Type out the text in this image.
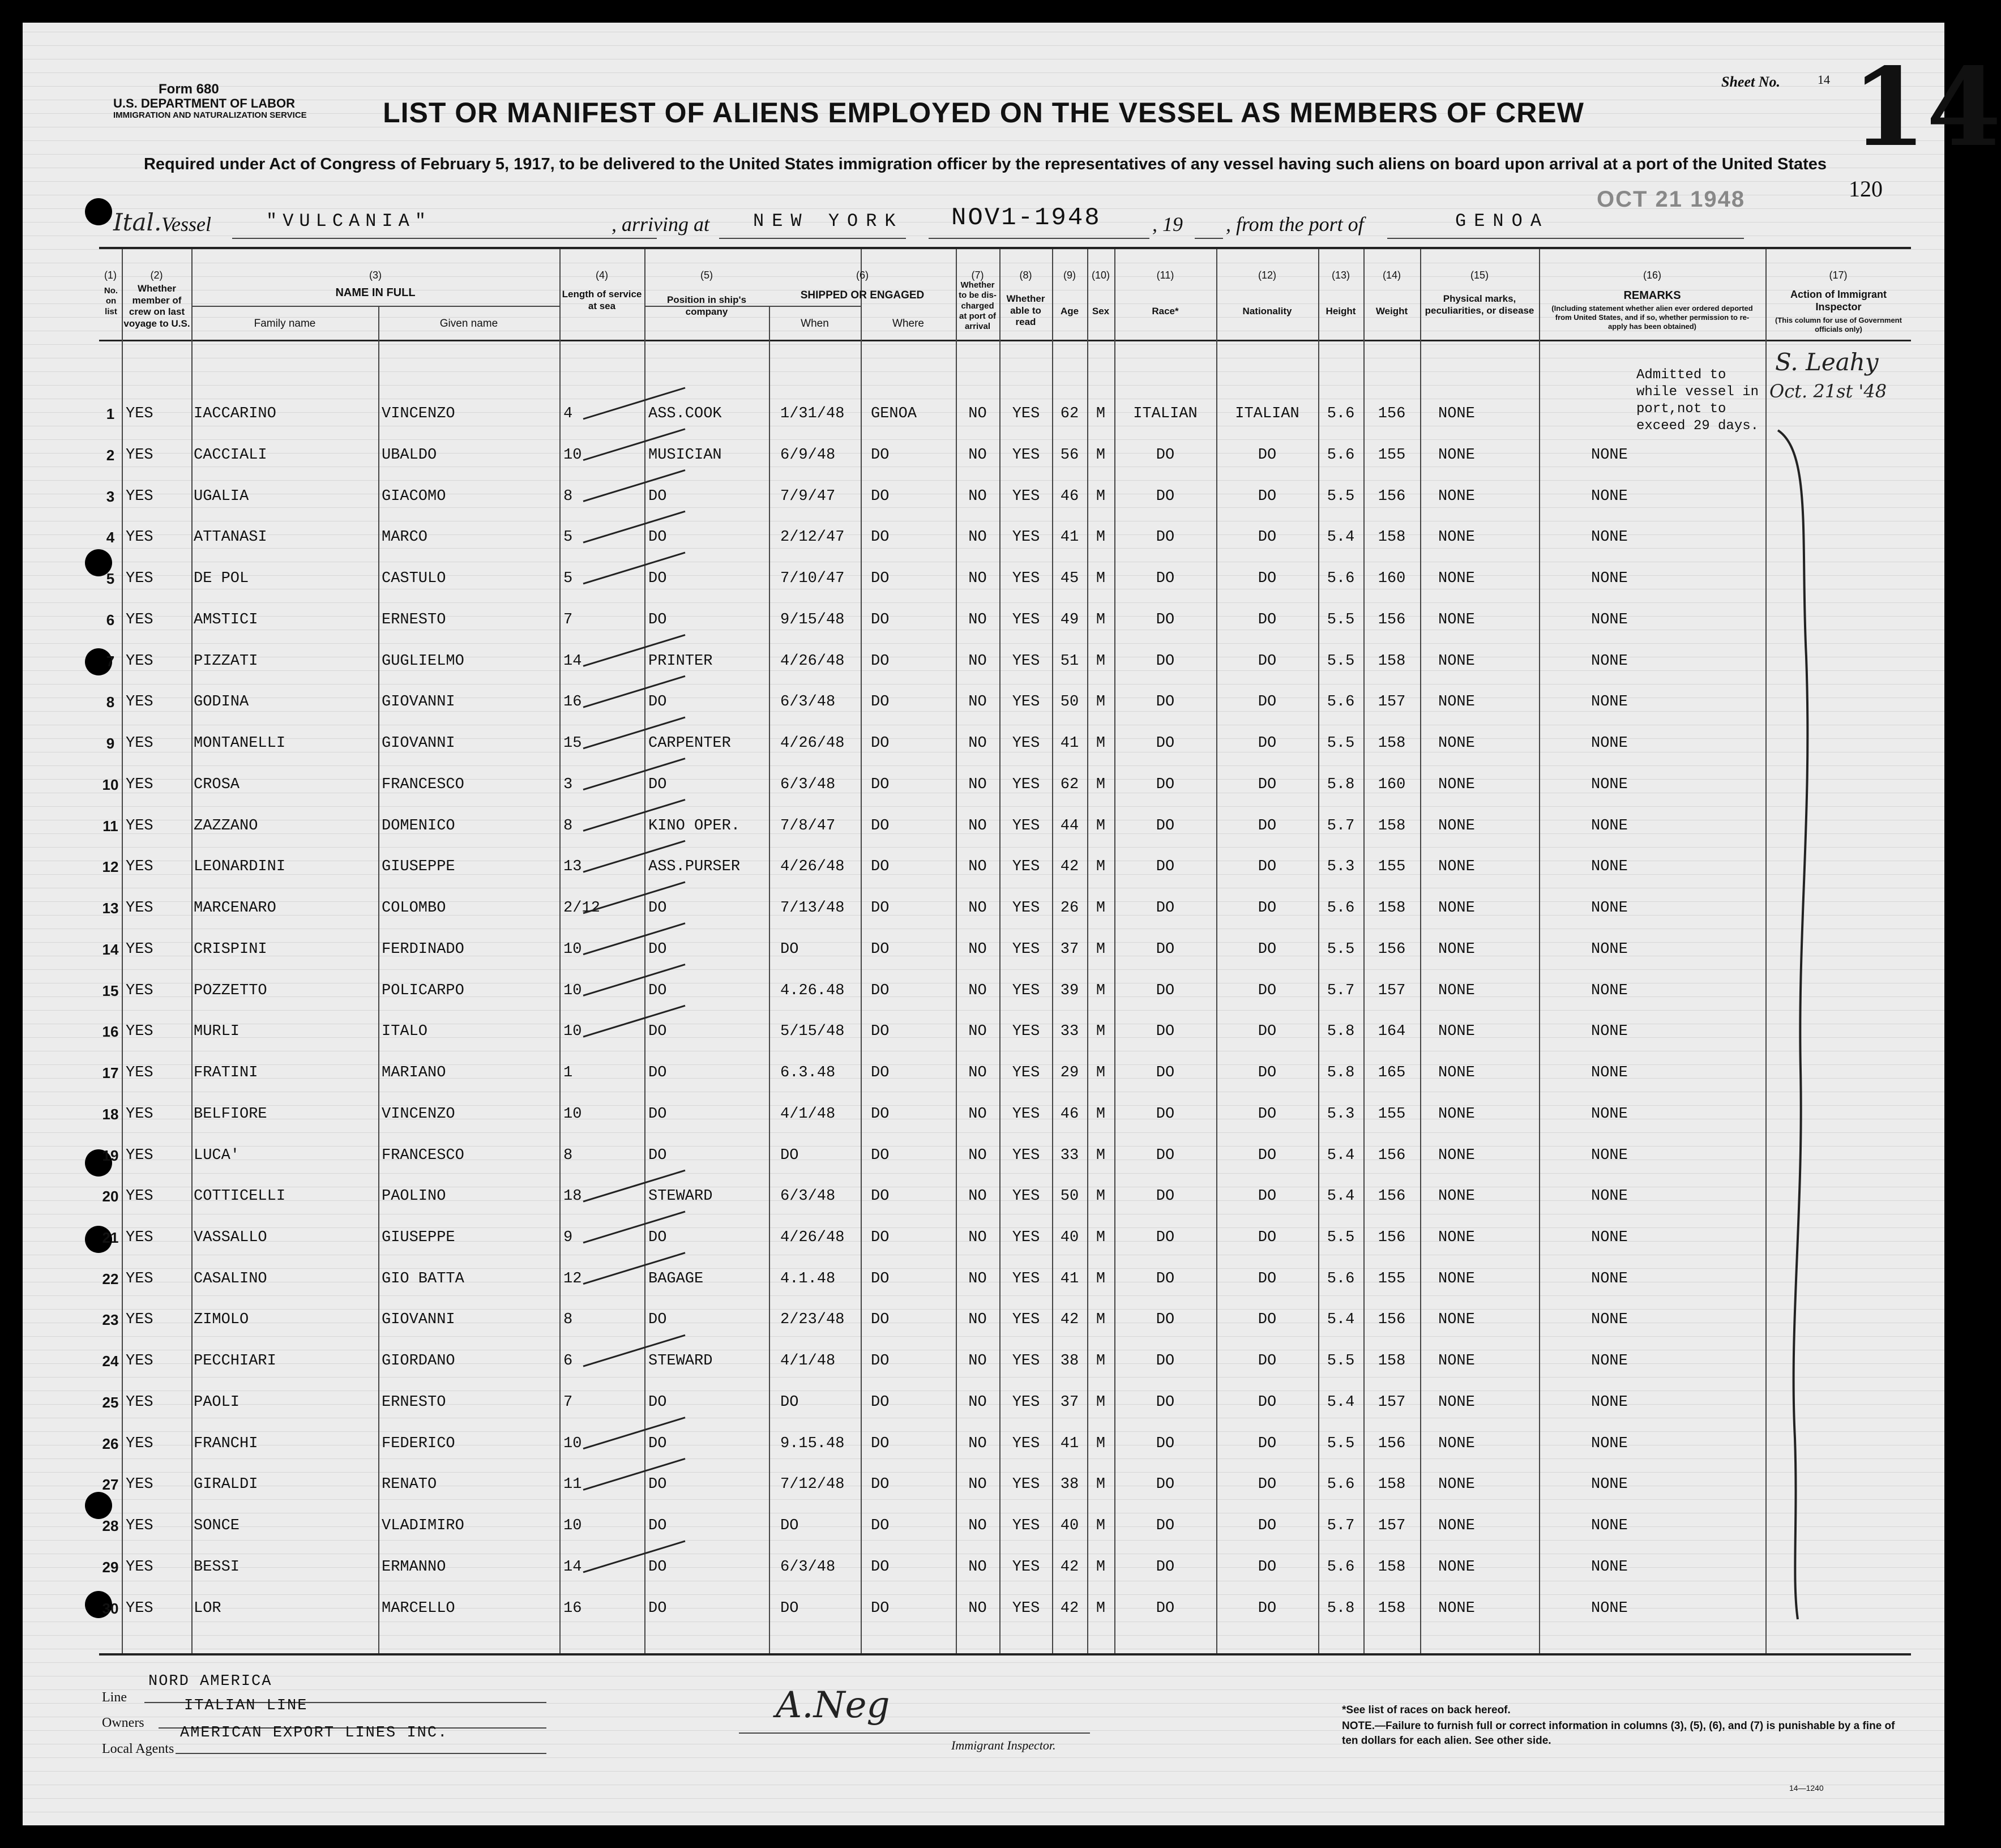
Form 680
U.S. DEPARTMENT OF LABOR
IMMIGRATION AND NATURALIZATION SERVICE
Sheet No.	14 14
LIST OR MANIFEST OF ALIENS EMPLOYED ON THE VESSEL AS MEMBERS OF CREW
Required under Act of Congress of February 5, 1917, to be delivered to the United States immigration officer by the representatives of any vessel having such aliens on board upon arrival at a port of the United States
120
Ital. Vessel	"VULCANIA"	, arriving at NEW YORK NOV1-1948	, 19 , from the port of	GENOA
OCT 21 1948
(1)	(2)	(3)	(4)	(5)	(6)	(7)	(8)	(9)	(10)	(11)	(12)	(13)	(14)	(15)	(16)	(17)
No. on list
Whether member of crew on last voyage to U.S.
NAME IN FULL
Family name	Given name
Length of service at sea
Position in ship's company
SHIPPED OR ENGAGED
When	Where
Whether to be dis-charged at port of arrival
Whether able to read
Age	Sex	Race*	Nationality	Height	Weight
Physical marks, peculiarities, or disease
REMARKS
(Including statement whether alien ever ordered deported from United States, and if so, whether permission to re-apply has been obtained)
Action of Immigrant Inspector
(This column for use of Government officials only)
1 YES	IACCARINO	VINCENZO	4	ASS.COOK	1/31/48	GENOA	NO	YES	62	M	ITALIAN	ITALIAN	5.6	156	NONE
Admitted to while vessel in port,not to exceed 29 days.
2 YES	CACCIALI	UBALDO	10	MUSICIAN	6/9/48	DO	NO	YES	56	M	DO	DO	5.6	155	NONE	NONE
3 YES	UGALIA	GIACOMO	8	DO	7/9/47	DO	NO	YES	46	M	DO	DO	5.5	156	NONE	NONE
4 YES	ATTANASI	MARCO	5	DO	2/12/47	DO	NO	YES	41	M	DO	DO	5.4	158	NONE	NONE
5 YES	DE POL	CASTULO	5	DO	7/10/47	DO	NO	YES	45	M	DO	DO	5.6	160	NONE	NONE
6 YES	AMSTICI	ERNESTO	7	DO	9/15/48	DO	NO	YES	49	M	DO	DO	5.5	156	NONE	NONE
7 YES	PIZZATI	GUGLIELMO	14	PRINTER	4/26/48	DO	NO	YES	51	M	DO	DO	5.5	158	NONE	NONE
8 YES	GODINA	GIOVANNI	16	DO	6/3/48	DO	NO	YES	50	M	DO	DO	5.6	157	NONE	NONE
9 YES	MONTANELLI	GIOVANNI	15	CARPENTER	4/26/48	DO	NO	YES	41	M	DO	DO	5.5	158	NONE	NONE
10 YES	CROSA	FRANCESCO	3	DO	6/3/48	DO	NO	YES	62	M	DO	DO	5.8	160	NONE	NONE
11 YES	ZAZZANO	DOMENICO	8	KINO OPER.	7/8/47	DO	NO	YES	44	M	DO	DO	5.7	158	NONE	NONE
12 YES	LEONARDINI	GIUSEPPE	13	ASS.PURSER	4/26/48	DO	NO	YES	42	M	DO	DO	5.3	155	NONE	NONE
13 YES	MARCENARO	COLOMBO	2/12	DO	7/13/48	DO	NO	YES	26	M	DO	DO	5.6	158	NONE	NONE
14 YES	CRISPINI	FERDINADO	10	DO	DO	DO	NO	YES	37	M	DO	DO	5.5	156	NONE	NONE
15 YES	POZZETTO	POLICARPO	10	DO	4.26.48	DO	NO	YES	39	M	DO	DO	5.7	157	NONE	NONE
16 YES	MURLI	ITALO	10	DO	5/15/48	DO	NO	YES	33	M	DO	DO	5.8	164	NONE	NONE
17 YES	FRATINI	MARIANO	1	DO	6.3.48	DO	NO	YES	29	M	DO	DO	5.8	165	NONE	NONE
18 YES	BELFIORE	VINCENZO	10	DO	4/1/48	DO	NO	YES	46	M	DO	DO	5.3	155	NONE	NONE
19 YES	LUCA'	FRANCESCO	8	DO	DO	DO	NO	YES	33	M	DO	DO	5.4	156	NONE	NONE
20 YES	COTTICELLI	PAOLINO	18	STEWARD	6/3/48	DO	NO	YES	50	M	DO	DO	5.4	156	NONE	NONE
21 YES	VASSALLO	GIUSEPPE	9	DO	4/26/48	DO	NO	YES	40	M	DO	DO	5.5	156	NONE	NONE
22 YES	CASALINO	GIO BATTA	12	BAGAGE	4.1.48	DO	NO	YES	41	M	DO	DO	5.6	155	NONE	NONE
23 YES	ZIMOLO	GIOVANNI	8	DO	2/23/48	DO	NO	YES	42	M	DO	DO	5.4	156	NONE	NONE
24 YES	PECCHIARI	GIORDANO	6	STEWARD	4/1/48	DO	NO	YES	38	M	DO	DO	5.5	158	NONE	NONE
25 YES	PAOLI	ERNESTO	7	DO	DO	DO	NO	YES	37	M	DO	DO	5.4	157	NONE	NONE
26 YES	FRANCHI	FEDERICO	10	DO	9.15.48	DO	NO	YES	41	M	DO	DO	5.5	156	NONE	NONE
27 YES	GIRALDI	RENATO	11	DO	7/12/48	DO	NO	YES	38	M	DO	DO	5.6	158	NONE	NONE
28 YES	SONCE	VLADIMIRO	10	DO	DO	DO	NO	YES	40	M	DO	DO	5.7	157	NONE	NONE
29 YES	BESSI	ERMANNO	14	DO	6/3/48	DO	NO	YES	42	M	DO	DO	5.6	158	NONE	NONE
30 YES	LOR	MARCELLO	16	DO	DO	DO	NO	YES	42	M	DO	DO	5.8	158	NONE	NONE
S. Leahy
Oct. 21st '48
Line
NORD AMERICA
Owners
ITALIAN LINE
Local Agents
AMERICAN EXPORT LINES INC.
A.Neg
Immigrant Inspector.
*See list of races on back hereof.
NOTE.—Failure to furnish full or correct information in columns (3), (5), (6), and (7) is punishable by a fine of ten dollars for each alien. See other side.
14—1240
